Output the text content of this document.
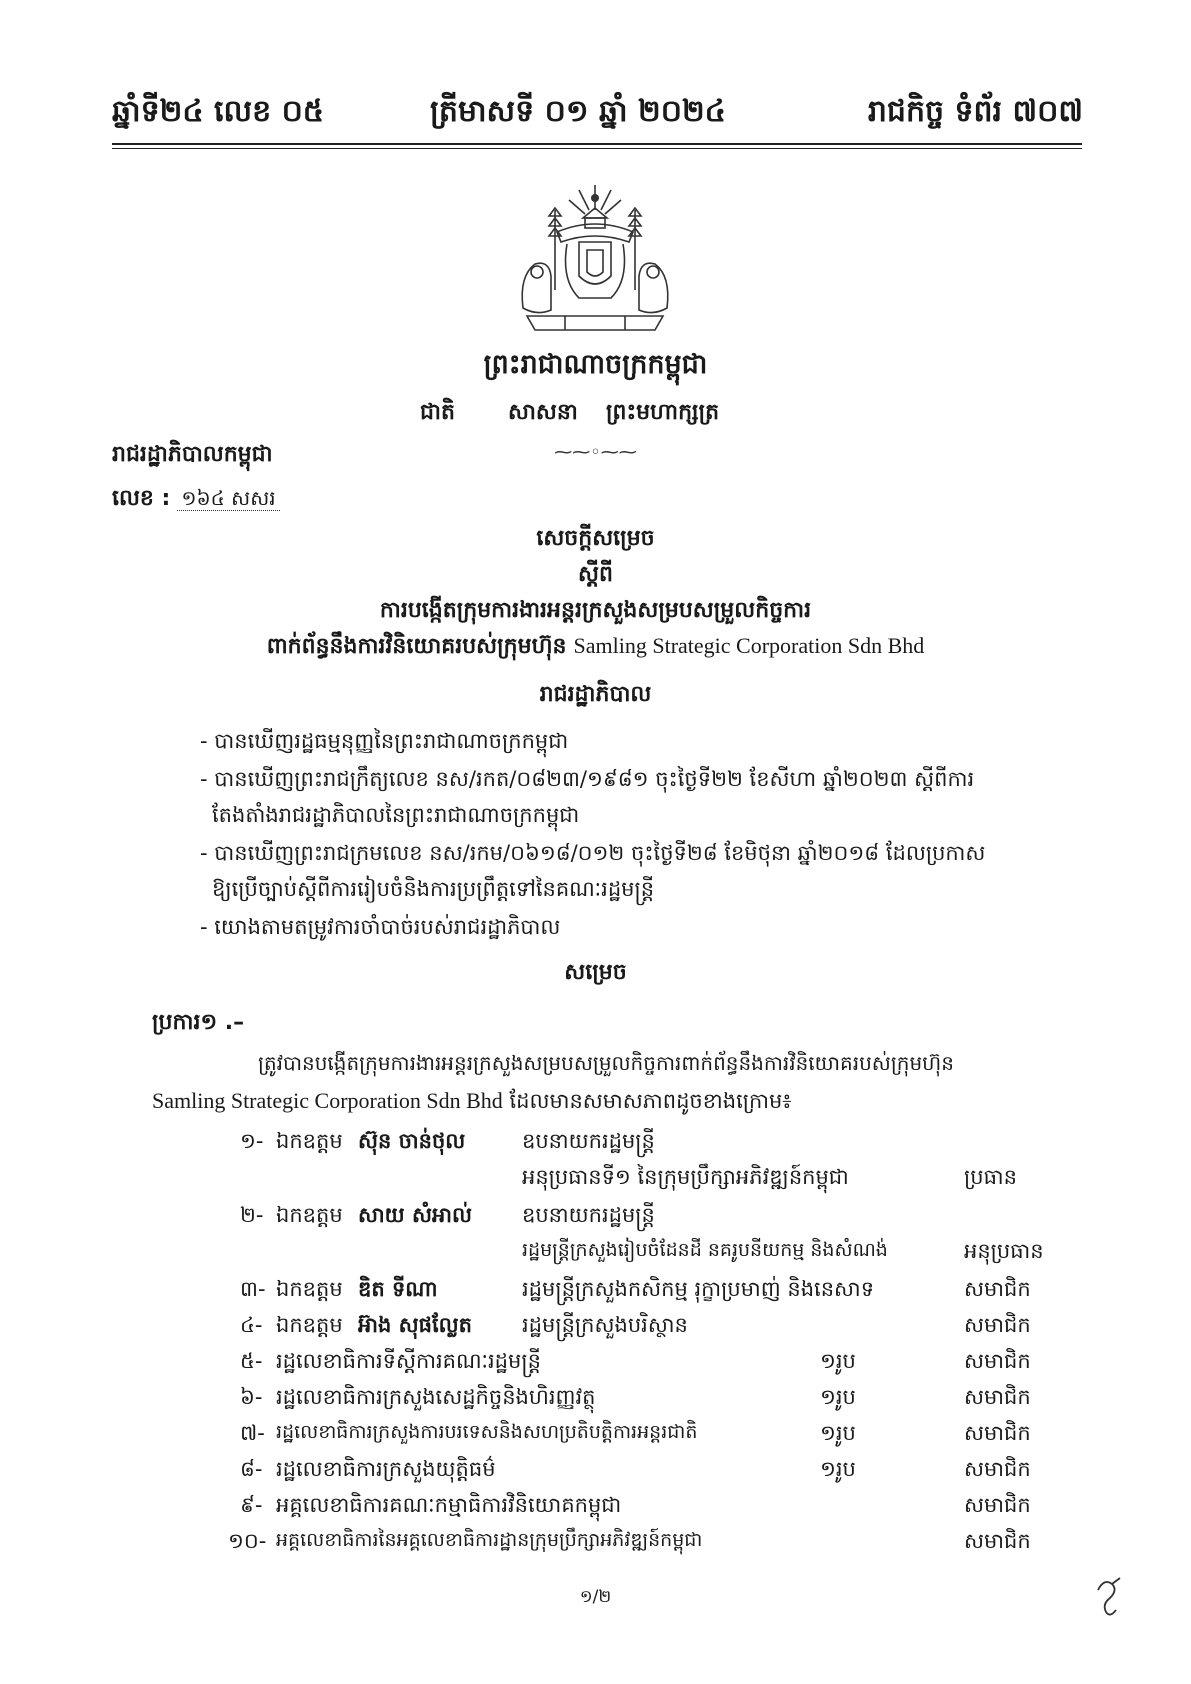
ឆ្នាំទី២៤ លេខ ០៥	ត្រីមាសទី ០១ ឆ្នាំ ២០២៤	រាជកិច្ច ទំព័រ ៧០៧
ព្រះរាជាណាចក្រកម្ពុជា
ជាតិ សាសនា ព្រះមហាក្សត្រ
⁓⁓◦⁓⁓
រាជរដ្ឋាភិបាលកម្ពុជា
លេខ : ១៦៤ សសរ
សេចក្តីសម្រេច
ស្តីពី
ការបង្កើតក្រុមការងារអន្តរក្រសួងសម្របសម្រួលកិច្ចការ
ពាក់ព័ន្ធនឹងការវិនិយោគរបស់ក្រុមហ៊ុន Samling Strategic Corporation Sdn Bhd
រាជរដ្ឋាភិបាល
- បានឃើញរដ្ឋធម្មនុញ្ញនៃព្រះរាជាណាចក្រកម្ពុជា
- បានឃើញព្រះរាជក្រឹត្យលេខ នស/រកត/០៨២៣/១៩៨១ ចុះថ្ងៃទី២២ ខែសីហា ឆ្នាំ២០២៣ ស្តីពីការ
តែងតាំងរាជរដ្ឋាភិបាលនៃព្រះរាជាណាចក្រកម្ពុជា
- បានឃើញព្រះរាជក្រមលេខ នស/រកម/០៦១៨/០១២ ចុះថ្ងៃទី២៨ ខែមិថុនា ឆ្នាំ២០១៨ ដែលប្រកាស
ឱ្យប្រើច្បាប់ស្តីពីការរៀបចំនិងការប្រព្រឹត្តទៅនៃគណៈរដ្ឋមន្ត្រី
- យោងតាមតម្រូវការចាំបាច់របស់រាជរដ្ឋាភិបាល
សម្រេច
ប្រការ១ .–
ត្រូវបានបង្កើតក្រុមការងារអន្តរក្រសួងសម្របសម្រួលកិច្ចការពាក់ព័ន្ធនឹងការវិនិយោគរបស់ក្រុមហ៊ុន
Samling Strategic Corporation Sdn Bhd ដែលមានសមាសភាពដូចខាងក្រោម៖
១- ឯកឧត្តម ស៊ុន ចាន់ថុល	ឧបនាយករដ្ឋមន្ត្រី
អនុប្រធានទី១ នៃក្រុមប្រឹក្សាអភិវឌ្ឍន៍កម្ពុជា	ប្រធាន
២- ឯកឧត្តម សាយ សំអាល់ ឧបនាយករដ្ឋមន្ត្រី
រដ្ឋមន្ត្រីក្រសួងរៀបចំដែនដី នគរូបនីយកម្ម និងសំណង់	អនុប្រធាន
៣- ឯកឧត្តម ឌិត ទីណា	រដ្ឋមន្ត្រីក្រសួងកសិកម្ម រុក្ខាប្រមាញ់ និងនេសាទ	សមាជិក
៤- ឯកឧត្តម អ៊ាង សុផល្លែត រដ្ឋមន្ត្រីក្រសួងបរិស្ថាន	សមាជិក
៥- រដ្ឋលេខាធិការទីស្តីការគណៈរដ្ឋមន្ត្រី	១រូប	សមាជិក
៦- រដ្ឋលេខាធិការក្រសួងសេដ្ឋកិច្ចនិងហិរញ្ញវត្ថុ	១រូប	សមាជិក
៧- រដ្ឋលេខាធិការក្រសួងការបរទេសនិងសហប្រតិបត្តិការអន្តរជាតិ	១រូប	សមាជិក
៨- រដ្ឋលេខាធិការក្រសួងយុត្តិធម៌	១រូប	សមាជិក
៩- អគ្គលេខាធិការគណៈកម្មាធិការវិនិយោគកម្ពុជា	សមាជិក
១០- អគ្គលេខាធិការនៃអគ្គលេខាធិការដ្ឋានក្រុមប្រឹក្សាអភិវឌ្ឍន៍កម្ពុជា	សមាជិក
១/២
